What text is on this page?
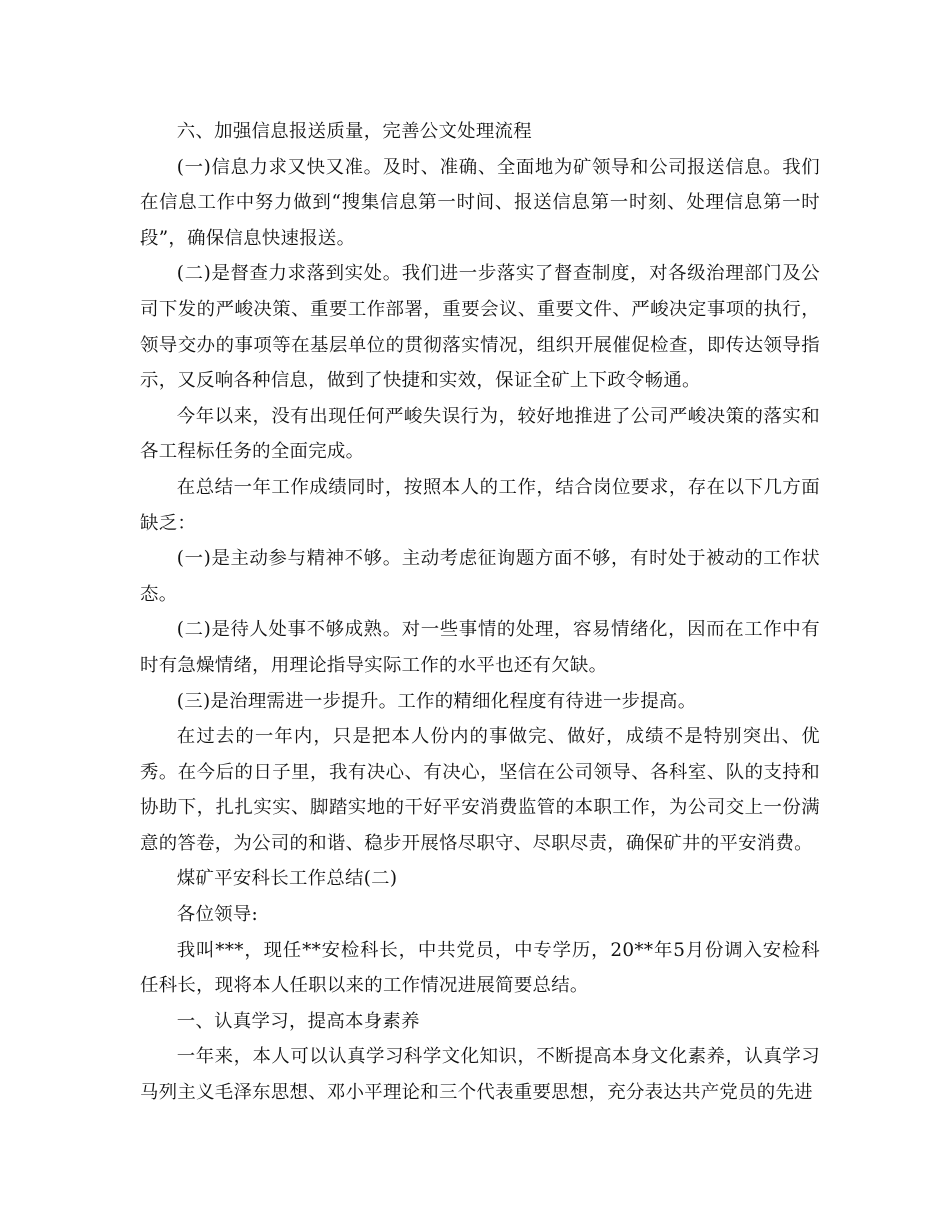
六、加强信息报送质量，完善公文处理流程

(一)信息力求又快又准。及时、准确、全面地为矿领导和公司报送信息。我们在信息工作中努力做到“搜集信息第一时间、报送信息第一时刻、处理信息第一时段”，确保信息快速报送。

(二)是督查力求落到实处。我们进一步落实了督查制度，对各级治理部门及公司下发的严峻决策、重要工作部署，重要会议、重要文件、严峻决定事项的执行，领导交办的事项等在基层单位的贯彻落实情况，组织开展催促检查，即传达领导指示，又反响各种信息，做到了快捷和实效，保证全矿上下政令畅通。

今年以来，没有出现任何严峻失误行为，较好地推进了公司严峻决策的落实和各工程标任务的全面完成。

在总结一年工作成绩同时，按照本人的工作，结合岗位要求，存在以下几方面缺乏：

(一)是主动参与精神不够。主动考虑征询题方面不够，有时处于被动的工作状态。

(二)是待人处事不够成熟。对一些事情的处理，容易情绪化，因而在工作中有时有急燥情绪，用理论指导实际工作的水平也还有欠缺。

(三)是治理需进一步提升。工作的精细化程度有待进一步提高。

在过去的一年内，只是把本人份内的事做完、做好，成绩不是特别突出、优秀。在今后的日子里，我有决心、有决心，坚信在公司领导、各科室、队的支持和协助下，扎扎实实、脚踏实地的干好平安消费监管的本职工作，为公司交上一份满意的答卷，为公司的和谐、稳步开展恪尽职守、尽职尽责，确保矿井的平安消费。

煤矿平安科长工作总结(二)

各位领导:

我叫***，现任**安检科长，中共党员，中专学历，20**年5月份调入安检科任科长，现将本人任职以来的工作情况进展简要总结。

一、认真学习，提高本身素养

一年来，本人可以认真学习科学文化知识，不断提高本身文化素养，认真学习马列主义毛泽东思想、邓小平理论和三个代表重要思想，充分表达共产党员的先进
